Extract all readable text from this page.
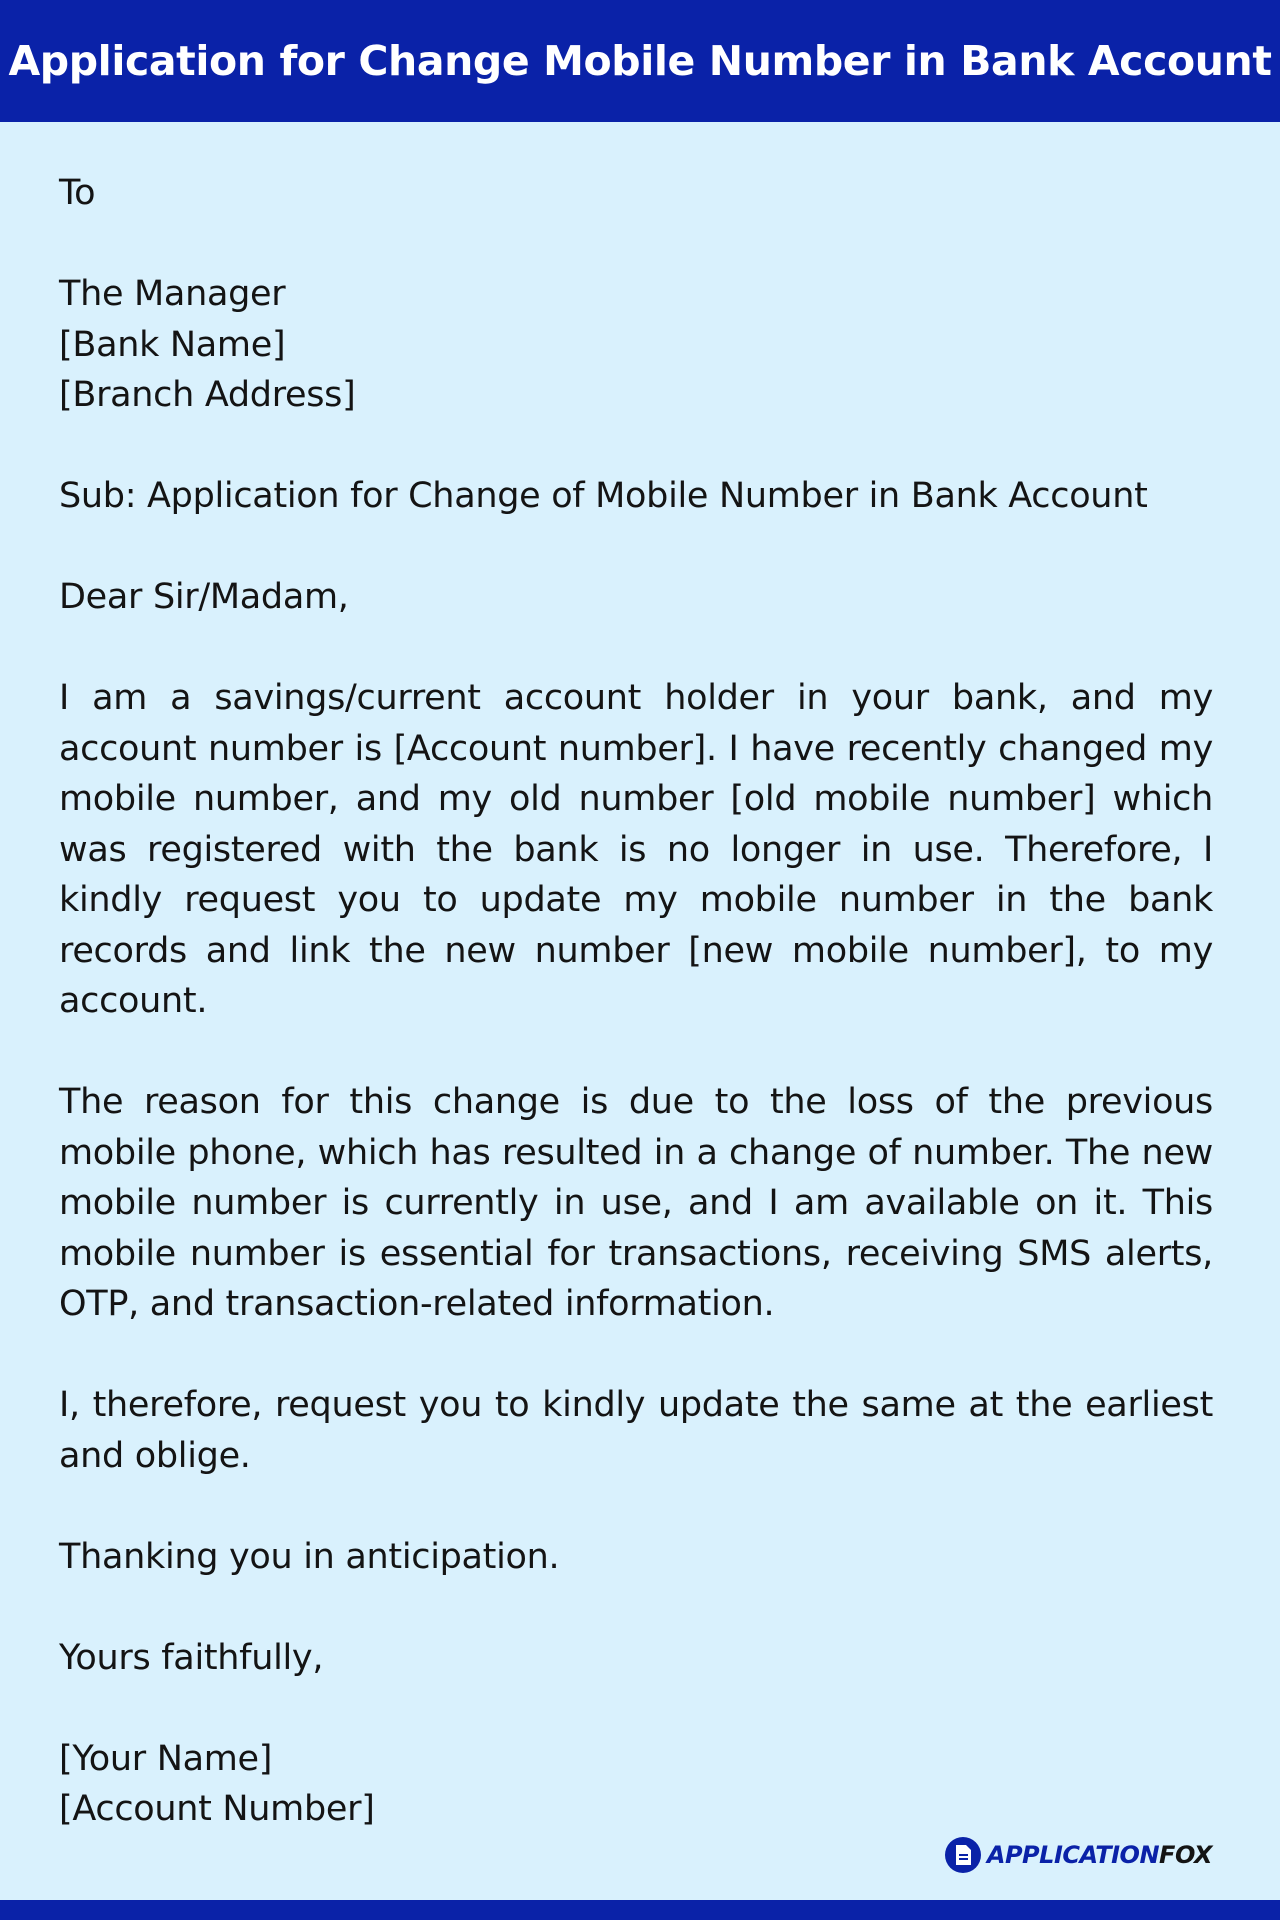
Application for Change Mobile Number in Bank Account
To
The Manager
[Bank Name]
[Branch Address]
Sub: Application for Change of Mobile Number in Bank Account
Dear Sir/Madam,

I am a savings/current account holder in your bank, and my account number is [Account number]. I have recently changed my mobile number, and my old number [old mobile number] which was registered with the bank is no longer in use. Therefore, I kindly request you to update my mobile number in the bank records and link the new number [new mobile number], to my account.

The reason for this change is due to the loss of the previous mobile phone, which has resulted in a change of number. The new mobile number is currently in use, and I am available on it. This mobile number is essential for transactions, receiving SMS alerts, OTP, and transaction-related information.

I, therefore, request you to kindly update the same at the earliest and oblige.

Thanking you in anticipation.
Yours faithfully,
[Your Name]
[Account Number]
APPLICATIONFOX
